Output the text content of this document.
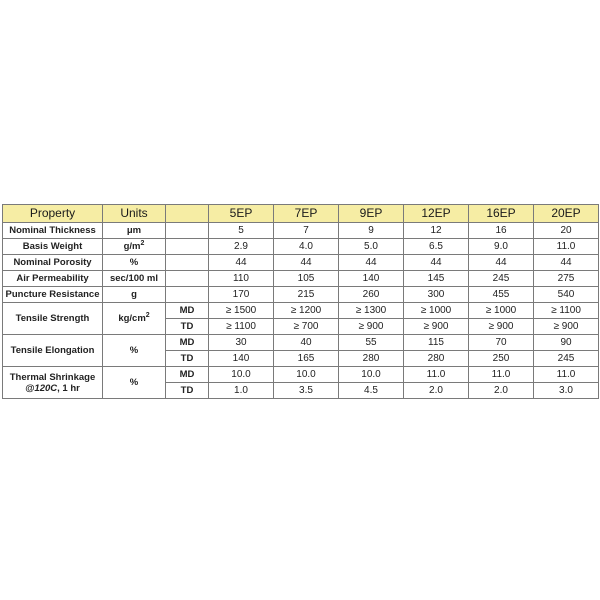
Property	Units		5EP	7EP	9EP	12EP	16EP	20EP
Nominal Thickness	μm		5	7	9	12	16	20
Basis Weight	$g/m^2$		2.9	4.0	5.0	6.5	9.0	11.0
Nominal Porosity	%		44	44	44	44	44	44
Air Permeability	sec/100 ml		110	105	140	145	245	275
Puncture Resistance	g		170	215	260	300	455	540
Tensile Strength	$kg/cm^2$	MD	≥ 1500	≥ 1200	≥ 1300	≥ 1000	≥ 1000	≥ 1100
		TD	≥ 1100	≥ 700	≥ 900	≥ 900	≥ 900	≥ 900
Tensile Elongation	%	MD	30	40	55	115	70	90
		TD	140	165	280	280	250	245
Thermal Shrinkage
@120C, 1 hr	%	MD	10.0	10.0	10.0	11.0	11.0	11.0
		TD	1.0	3.5	4.5	2.0	2.0	3.0
